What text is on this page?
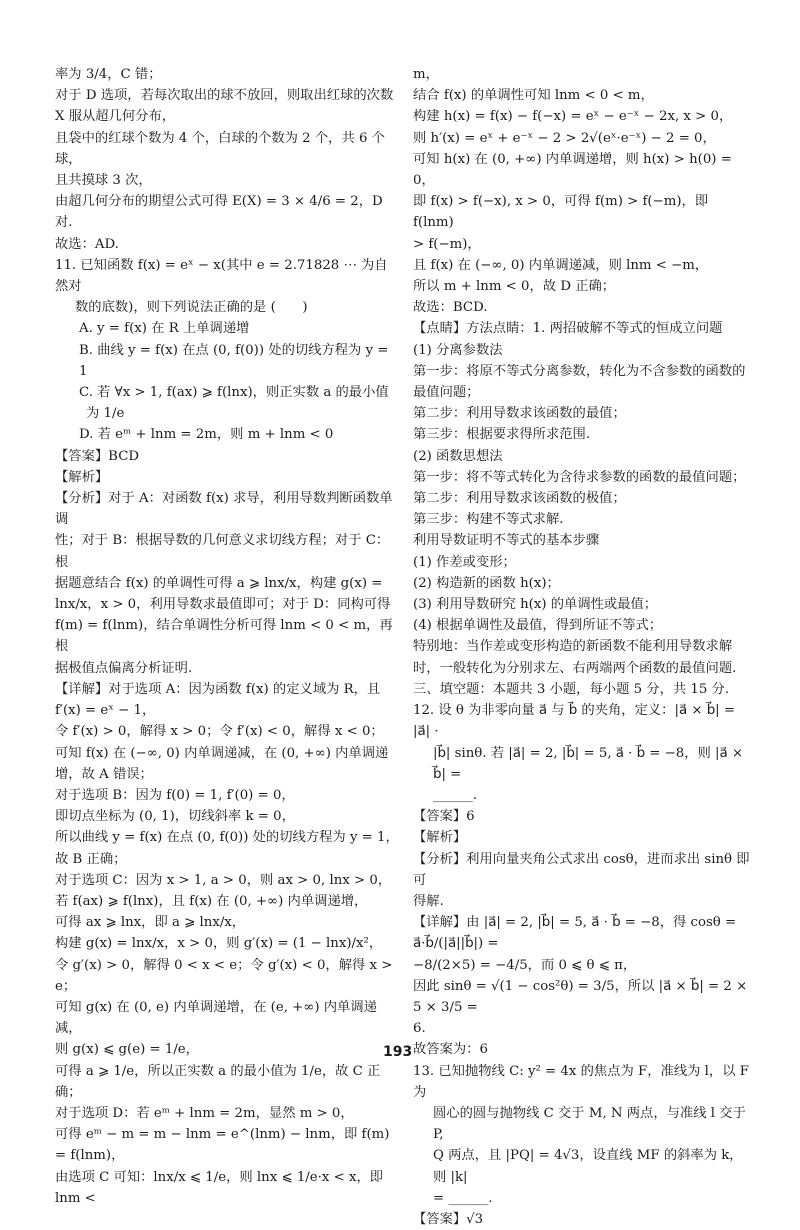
率为 3/4，C 错；

对于 D 选项，若每次取出的球不放回，则取出红球的次数

X 服从超几何分布，

且袋中的红球个数为 4 个，白球的个数为 2 个，共 6 个球，

且共摸球 3 次，

由超几何分布的期望公式可得 E(X) = 3 × 4/6 = 2，D 对.

故选：AD.

11. 已知函数 f(x) = eˣ − x(其中 e = 2.71828 ⋯ 为自然对

数的底数)，则下列说法正确的是 (　　)

A. y = f(x) 在 R 上单调递增

B. 曲线 y = f(x) 在点 (0, f(0)) 处的切线方程为 y = 1

C. 若 ∀x > 1, f(ax) ⩾ f(lnx)，则正实数 a 的最小值

为 1/e

D. 若 eᵐ + lnm = 2m，则 m + lnm < 0

【答案】BCD

【解析】

【分析】对于 A：对函数 f(x) 求导，利用导数判断函数单调

性；对于 B：根据导数的几何意义求切线方程；对于 C：根

据题意结合 f(x) 的单调性可得 a ⩾ lnx/x，构建 g(x) =

lnx/x，x > 0，利用导数求最值即可；对于 D：同构可得

f(m) = f(lnm)，结合单调性分析可得 lnm < 0 < m，再根

据极值点偏离分析证明.

【详解】对于选项 A：因为函数 f(x) 的定义域为 R，且

f′(x) = eˣ − 1，

令 f′(x) > 0，解得 x > 0；令 f′(x) < 0，解得 x < 0；

可知 f(x) 在 (−∞, 0) 内单调递减，在 (0, +∞) 内单调递

增，故 A 错误；

对于选项 B：因为 f(0) = 1, f′(0) = 0，

即切点坐标为 (0, 1)，切线斜率 k = 0，

所以曲线 y = f(x) 在点 (0, f(0)) 处的切线方程为 y = 1，

故 B 正确；

对于选项 C：因为 x > 1, a > 0，则 ax > 0, lnx > 0，

若 f(ax) ⩾ f(lnx)，且 f(x) 在 (0, +∞) 内单调递增，

可得 ax ⩾ lnx，即 a ⩾ lnx/x，

构建 g(x) = lnx/x，x > 0，则 g′(x) = (1 − lnx)/x²，

令 g′(x) > 0，解得 0 < x < e；令 g′(x) < 0，解得 x > e；

可知 g(x) 在 (0, e) 内单调递增，在 (e, +∞) 内单调递减，

则 g(x) ⩽ g(e) = 1/e，

可得 a ⩾ 1/e，所以正实数 a 的最小值为 1/e，故 C 正确；

对于选项 D：若 eᵐ + lnm = 2m，显然 m > 0，

可得 eᵐ − m = m − lnm = e^(lnm) − lnm，即 f(m) = f(lnm)，

由选项 C 可知：lnx/x ⩽ 1/e，则 lnx ⩽ 1/e·x < x，即 lnm <

m，

结合 f(x) 的单调性可知 lnm < 0 < m，

构建 h(x) = f(x) − f(−x) = eˣ − e⁻ˣ − 2x, x > 0，

则 h′(x) = eˣ + e⁻ˣ − 2 > 2√(eˣ·e⁻ˣ) − 2 = 0，

可知 h(x) 在 (0, +∞) 内单调递增，则 h(x) > h(0) = 0，

即 f(x) > f(−x), x > 0，可得 f(m) > f(−m)，即 f(lnm)

> f(−m)，

且 f(x) 在 (−∞, 0) 内单调递减，则 lnm < −m，

所以 m + lnm < 0，故 D 正确；

故选：BCD.

【点睛】方法点睛：1. 两招破解不等式的恒成立问题

(1) 分离参数法

第一步：将原不等式分离参数，转化为不含参数的函数的

最值问题；

第二步：利用导数求该函数的最值；

第三步：根据要求得所求范围.

(2) 函数思想法

第一步：将不等式转化为含待求参数的函数的最值问题；

第二步：利用导数求该函数的极值；

第三步：构建不等式求解.

利用导数证明不等式的基本步骤

(1) 作差或变形；

(2) 构造新的函数 h(x)；

(3) 利用导数研究 h(x) 的单调性或最值；

(4) 根据单调性及最值，得到所证不等式；

特别地：当作差或变形构造的新函数不能利用导数求解

时，一般转化为分别求左、右两端两个函数的最值问题.

三、填空题：本题共 3 小题，每小题 5 分，共 15 分.

12. 设 θ 为非零向量 a⃗ 与 b⃗ 的夹角，定义：|a⃗ × b⃗| = |a⃗| ·

|b⃗| sinθ. 若 |a⃗| = 2, |b⃗| = 5, a⃗ · b⃗ = −8，则 |a⃗ × b⃗| =

______.

【答案】6

【解析】

【分析】利用向量夹角公式求出 cosθ，进而求出 sinθ 即可

得解.

【详解】由 |a⃗| = 2, |b⃗| = 5, a⃗ · b⃗ = −8，得 cosθ = a⃗·b⃗/(|a⃗||b⃗|) =

−8/(2×5) = −4/5，而 0 ⩽ θ ⩽ π，

因此 sinθ = √(1 − cos²θ) = 3/5，所以 |a⃗ × b⃗| = 2 × 5 × 3/5 =

6.

故答案为：6

13. 已知抛物线 C: y² = 4x 的焦点为 F，准线为 l，以 F 为

圆心的圆与抛物线 C 交于 M, N 两点，与准线 l 交于 P,

Q 两点，且 |PQ| = 4√3，设直线 MF 的斜率为 k，则 |k|

= ______.

【答案】√3

193
